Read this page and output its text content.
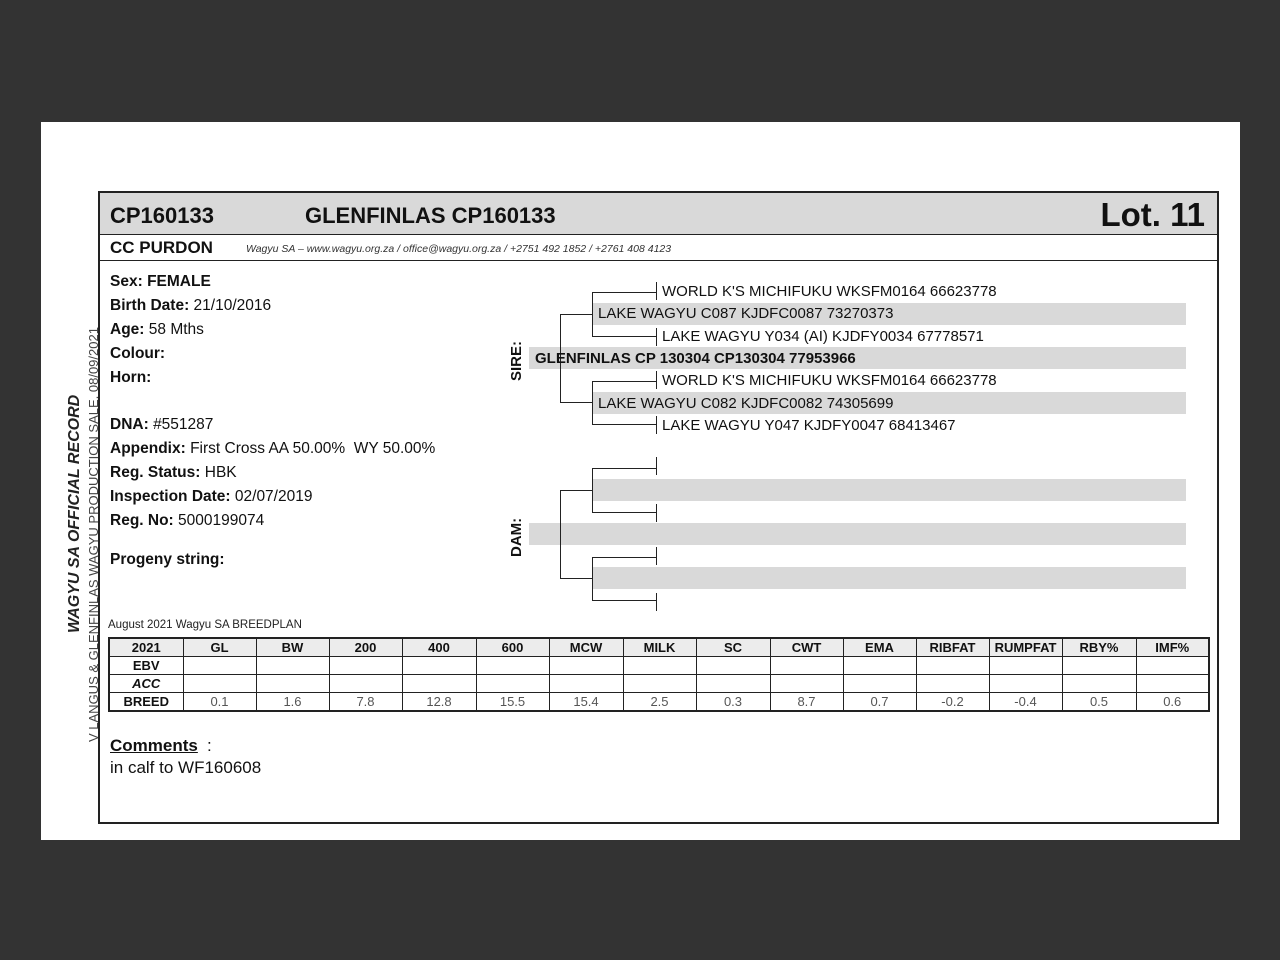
WAGYU SA OFFICIAL RECORD V LANGUS & GLENFINLAS WAGYU PRODUCTION SALE, 08/09/2021
CP160133	GLENFINLAS CP160133	Lot. 11
CC PURDON	Wagyu SA – www.wagyu.org.za / office@wagyu.org.za / +2751 492 1852 / +2761 408 4123
Sex: FEMALE
Birth Date: 21/10/2016
Age: 58 Mths
Colour:
Horn:
DNA: #551287
Appendix: First Cross AA 50.00%  WY 50.00%
Reg. Status: HBK
Inspection Date: 02/07/2019
Reg. No: 5000199074
Progeny string:
SIRE:
DAM:
WORLD K'S MICHIFUKU WKSFM0164 66623778
LAKE WAGYU C087 KJDFC0087 73270373
LAKE WAGYU Y034 (AI) KJDFY0034 67778571
GLENFINLAS CP 130304 CP130304 77953966
WORLD K'S MICHIFUKU WKSFM0164 66623778
LAKE WAGYU C082 KJDFC0082 74305699
LAKE WAGYU Y047 KJDFY0047 68413467
August 2021 Wagyu SA BREEDPLAN
2021	GL	BW	200	400	600	MCW	MILK	SC	CWT	EMA	RIBFAT	RUMPFAT	RBY%	IMF%
EBV														
ACC														
BREED	0.1	1.6	7.8	12.8	15.5	15.4	2.5	0.3	8.7	0.7	-0.2	-0.4	0.5	0.6
Comments :
in calf to WF160608
